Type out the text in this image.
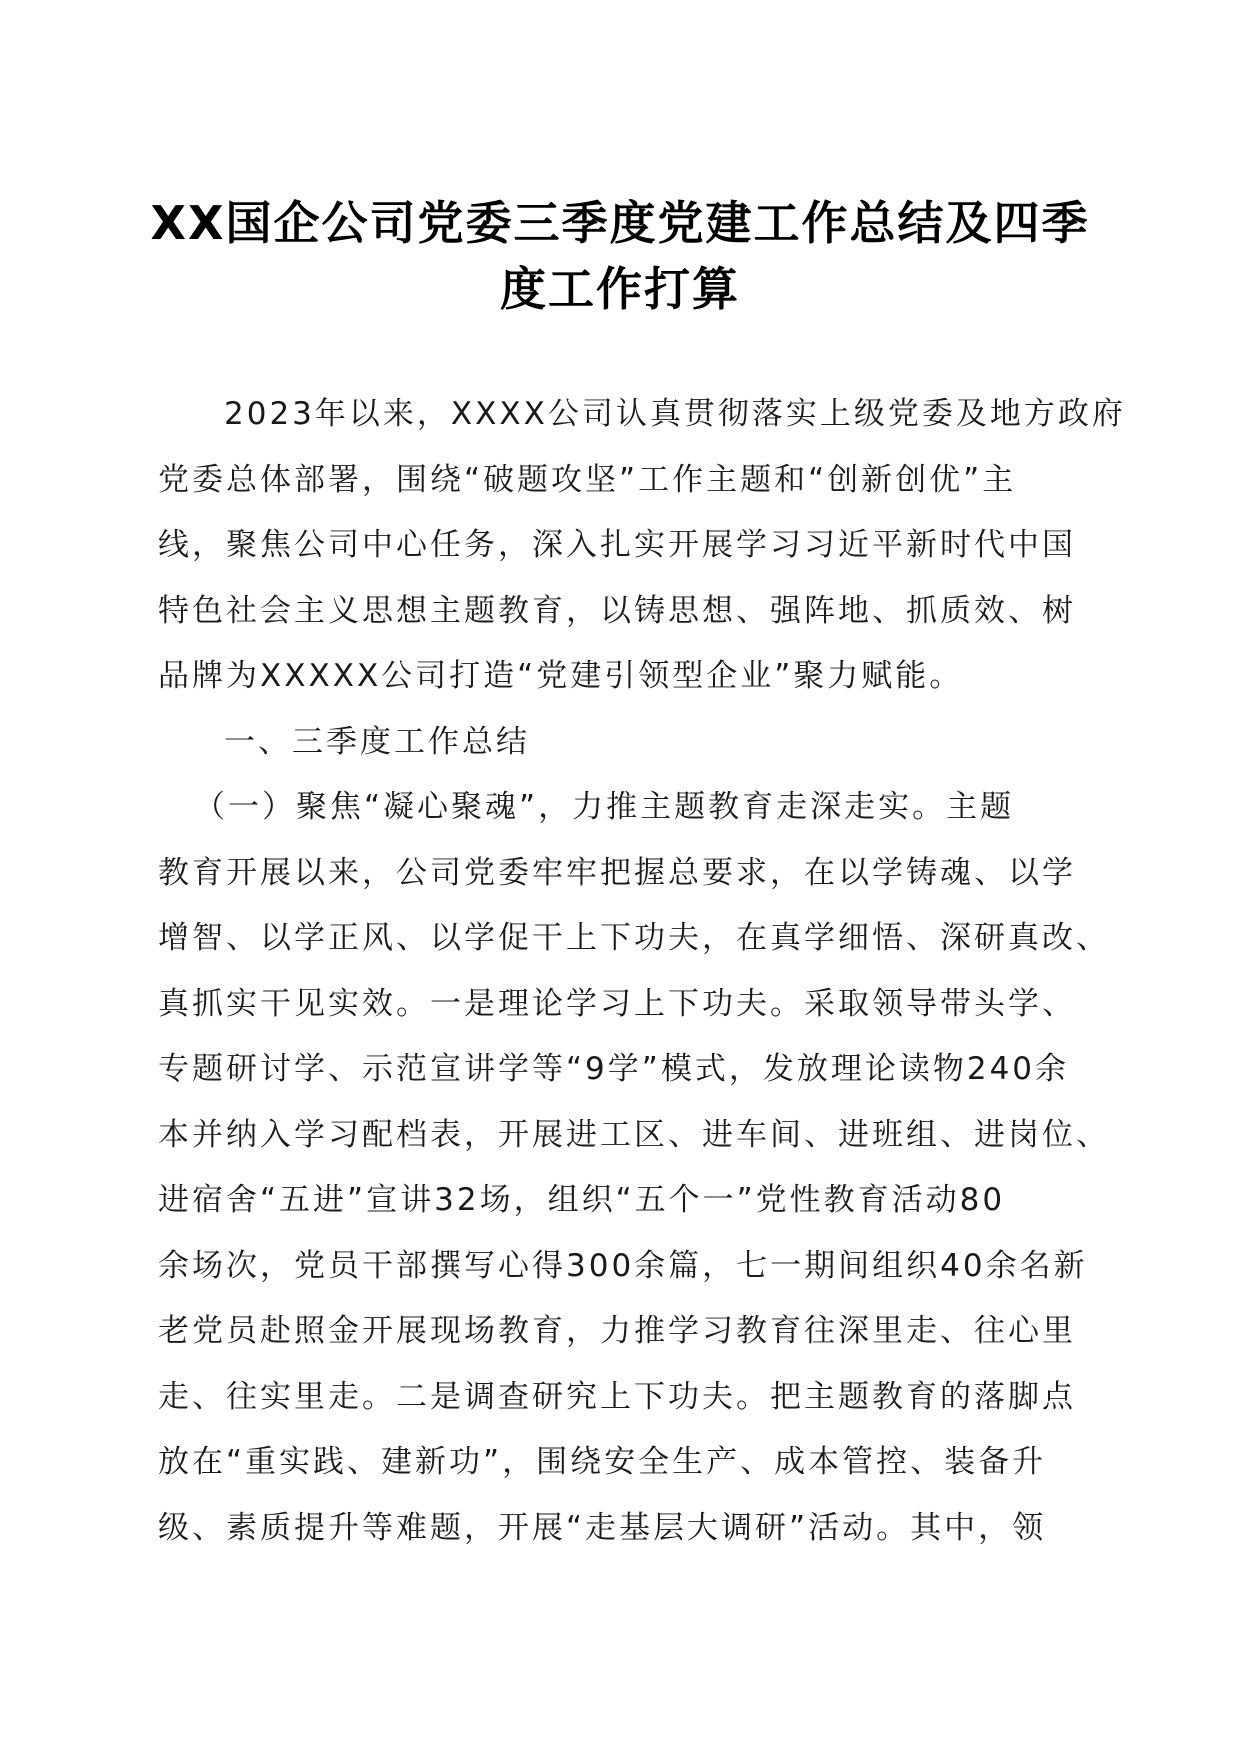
XX国企公司党委三季度党建工作总结及四季
度工作打算
2023年以来，XXXX公司认真贯彻落实上级党委及地方政府
党委总体部署，围绕“破题攻坚”工作主题和“创新创优”主
线，聚焦公司中心任务，深入扎实开展学习习近平新时代中国
特色社会主义思想主题教育，以铸思想、强阵地、抓质效、树
品牌为XXXXX公司打造“党建引领型企业”聚力赋能。
一、三季度工作总结
（一）聚焦“凝心聚魂”，力推主题教育走深走实。主题
教育开展以来，公司党委牢牢把握总要求，在以学铸魂、以学
增智、以学正风、以学促干上下功夫，在真学细悟、深研真改、
真抓实干见实效。一是理论学习上下功夫。采取领导带头学、
专题研讨学、示范宣讲学等“9学”模式，发放理论读物240余
本并纳入学习配档表，开展进工区、进车间、进班组、进岗位、
进宿舍“五进”宣讲32场，组织“五个一”党性教育活动80
余场次，党员干部撰写心得300余篇，七一期间组织40余名新
老党员赴照金开展现场教育，力推学习教育往深里走、往心里
走、往实里走。二是调查研究上下功夫。把主题教育的落脚点
放在“重实践、建新功”，围绕安全生产、成本管控、装备升
级、素质提升等难题，开展“走基层大调研”活动。其中，领
